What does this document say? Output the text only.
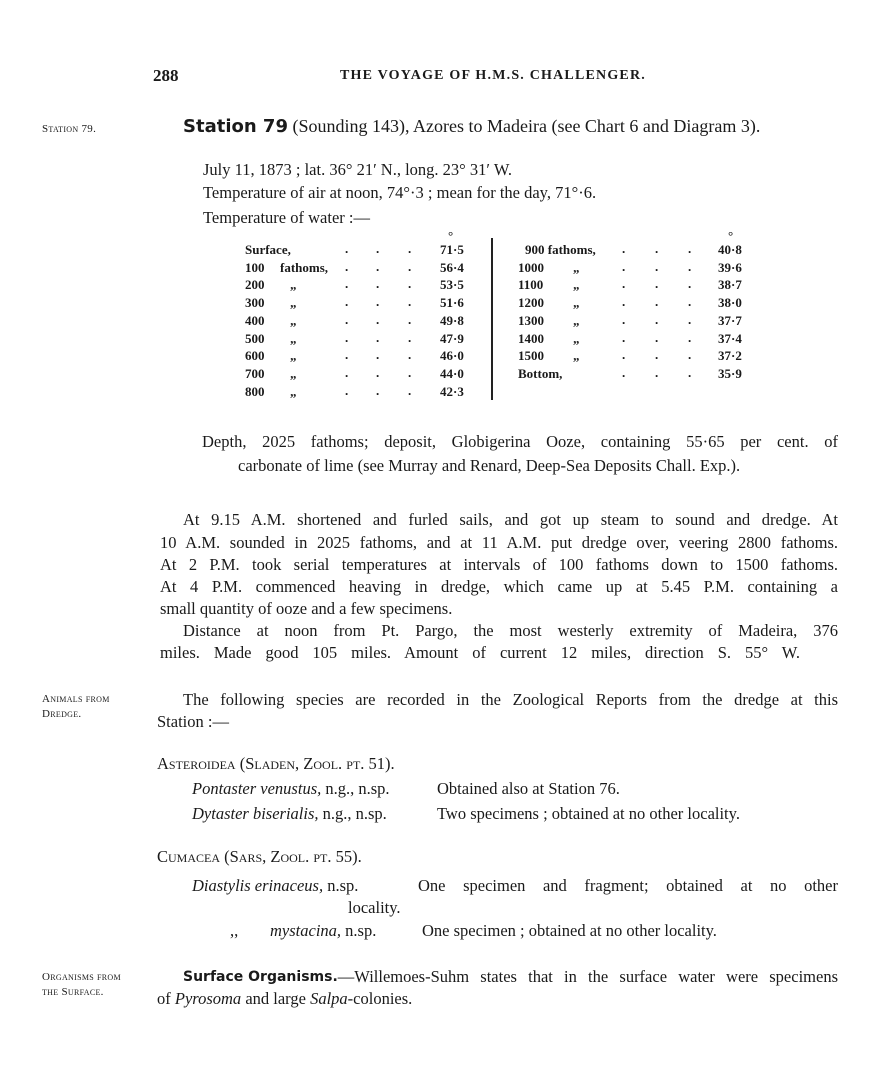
288	THE VOYAGE OF H.M.S. CHALLENGER.
Station 79.	Station 79 (Sounding 143), Azores to Madeira (see Chart 6 and Diagram 3).
July 11, 1873 ; lat. 36° 21′ N., long. 23° 31′ W.
Temperature of air at noon, 74°·3 ; mean for the day, 71°·6.
Temperature of water :—
Surface,	. . . 71·5
100 fathoms, . . . 56·4
200 „	. . . 53·5
300 „	. . . 51·6
400 „	. . . 49·8
500 „	. . . 47·9
600 „	. . . 46·0
700 „	. . . 44·0
800 „	. . . 42·3
900 fathoms, . . . 40·8
1000 „	. . . 39·6
1100 „	. . . 38·7
1200 „	. . . 38·0
1300 „	. . . 37·7
1400 „	. . . 37·4
1500 „	. . . 37·2
Bottom,	. . . 35·9
°	°
Depth, 2025 fathoms; deposit, Globigerina Ooze, containing 55·65 per cent. of
carbonate of lime (see Murray and Renard, Deep-Sea Deposits Chall. Exp.).
At 9.15 A.M. shortened and furled sails, and got up steam to sound and dredge. At
10 A.M. sounded in 2025 fathoms, and at 11 A.M. put dredge over, veering 2800 fathoms.
At 2 P.M. took serial temperatures at intervals of 100 fathoms down to 1500 fathoms.
At 4 P.M. commenced heaving in dredge, which came up at 5.45 P.M. containing a
small quantity of ooze and a few specimens.
Distance at noon from Pt. Pargo, the most westerly extremity of Madeira, 376
miles. Made good 105 miles. Amount of current 12 miles, direction S. 55° W.
Animals from
Dredge.
The following species are recorded in the Zoological Reports from the dredge at this
Station :—
Asteroidea (Sladen, Zool. pt. 51).
Pontaster venustus, n.g., n.sp.	Obtained also at Station 76.
Dytaster biserialis, n.g., n.sp.	Two specimens ; obtained at no other locality.
Cumacea (Sars, Zool. pt. 55).
Diastylis erinaceus, n.sp.	One specimen and fragment; obtained at no other
locality.
,, mystacina, n.sp.	One specimen ; obtained at no other locality.
Organisms from
the Surface.
Surface Organisms. —Willemoes-Suhm states that in the surface water were specimens
of Pyrosoma and large Salpa-colonies.
